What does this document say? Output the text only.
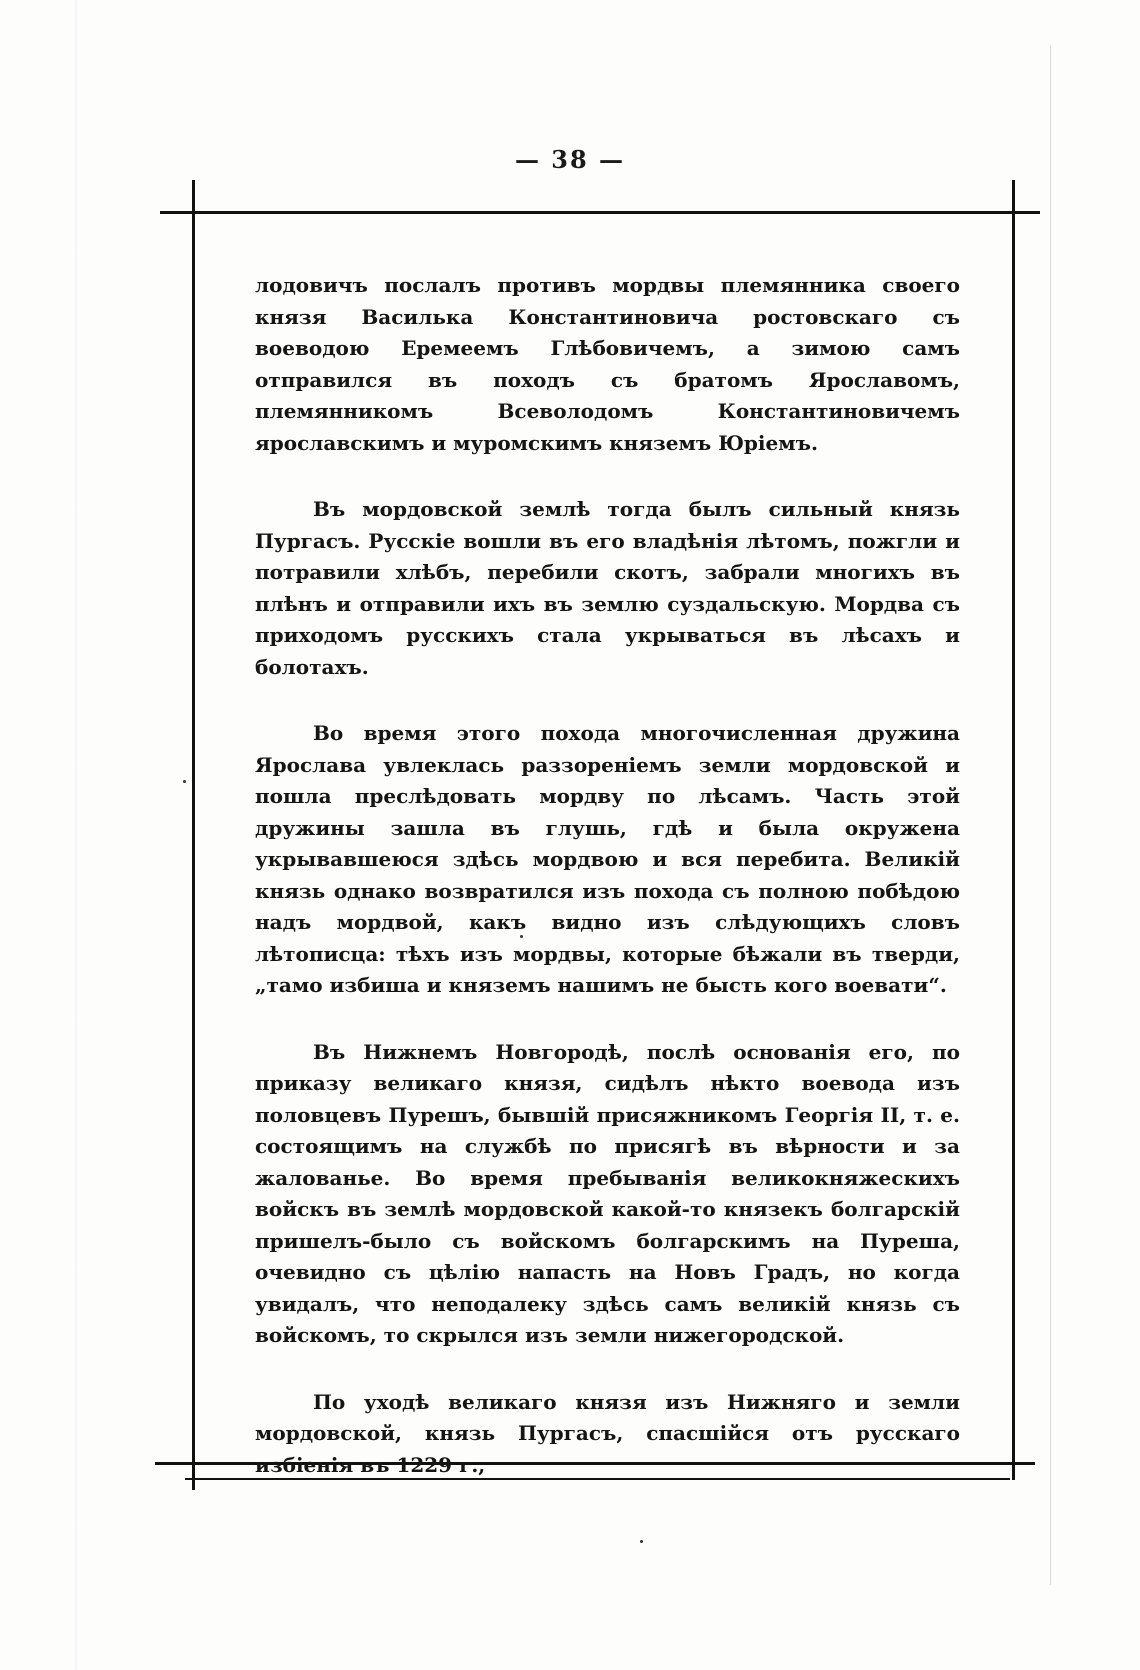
— 38 —

лодовичъ послалъ противъ мордвы племянника своего князя Василька Константиновича ростовскаго съ воеводою Еремеемъ Глѣбовичемъ, а зимою самъ отправился въ походъ съ братомъ Ярославомъ, племянникомъ Всеволодомъ Константиновичемъ ярославскимъ и муромскимъ княземъ Юріемъ.

Въ мордовской землѣ тогда былъ сильный князь Пургасъ. Русскіе вошли въ его владѣнія лѣтомъ, пожгли и потравили хлѣбъ, перебили скотъ, забрали многихъ въ плѣнъ и отправили ихъ въ землю суздальскую. Мордва съ приходомъ русскихъ стала укрываться въ лѣсахъ и болотахъ.

Во время этого похода многочисленная дружина Ярослава увлеклась раззореніемъ земли мордовской и пошла преслѣдовать мордву по лѣсамъ. Часть этой дружины зашла въ глушь, гдѣ и была окружена укрывавшеюся здѣсь мордвою и вся перебита. Великій князь однако возвратился изъ похода съ полною побѣдою надъ мордвой, какъ видно изъ слѣдующихъ словъ лѣтописца: тѣхъ изъ мордвы, которые бѣжали въ тверди, „тамо избиша и княземъ нашимъ не бысть кого воевати“.

Въ Нижнемъ Новгородѣ, послѣ основанія его, по приказу великаго князя, сидѣлъ нѣкто воевода изъ половцевъ Пурешъ, бывшій присяжникомъ Георгія II, т. е. состоящимъ на службѣ по присягѣ въ вѣрности и за жалованье. Во время пребыванія великокняжескихъ войскъ въ землѣ мордовской какой-то князекъ болгарскій пришелъ-было съ войскомъ болгарскимъ на Пуреша, очевидно съ цѣлію напасть на Новъ Градъ, но когда увидалъ, что неподалеку здѣсь самъ великій князь съ войскомъ, то скрылся изъ земли нижегородской.

По уходѣ великаго князя изъ Нижняго и земли мордовской, князь Пургасъ, спасшійся отъ русскаго избіенія въ 1229 г.,
